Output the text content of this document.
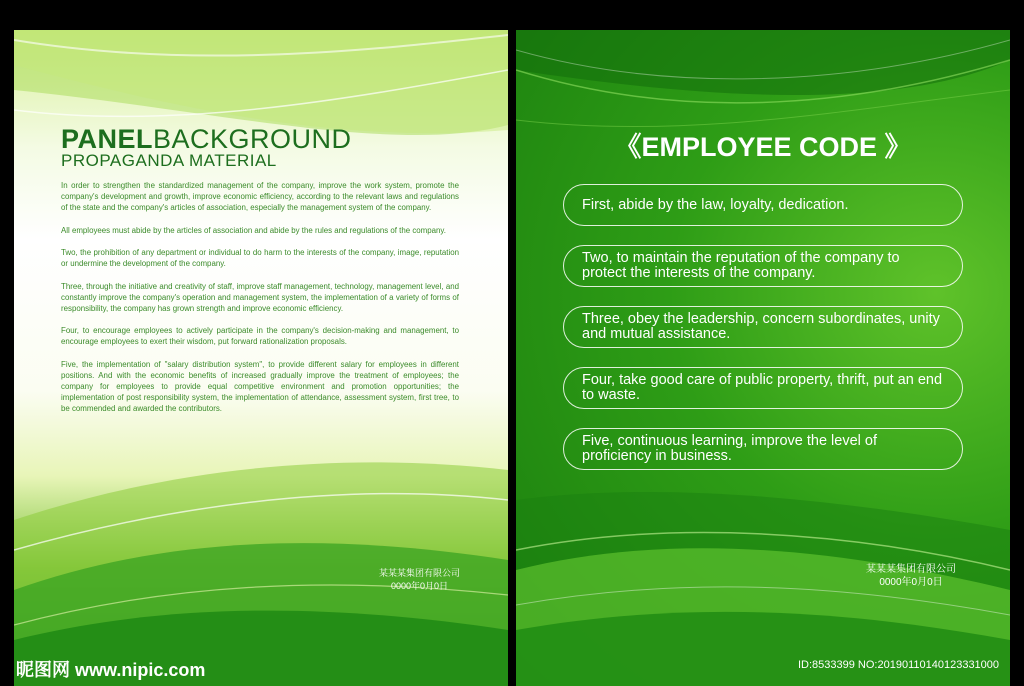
PANELBACKGROUND
PROPAGANDA MATERIAL

In order to strengthen the standardized management of the company, improve the work system, promote the company's development and growth, improve economic efficiency, according to the relevant laws and regulations of the state and the company's articles of association, especially the management system of the company.

All employees must abide by the articles of association and abide by the rules and regulations of the company.

Two, the prohibition of any department or individual to do harm to the interests of the company, image, reputation or undermine the development of the company.

Three, through the initiative and creativity of staff, improve staff management, technology, management level, and constantly improve the company's operation and management system, the implementation of a variety of forms of responsibility, the company has grown strength and improve economic efficiency.

Four, to encourage employees to actively participate in the company's decision-making and management, to encourage employees to exert their wisdom, put forward rationalization proposals.

Five, the implementation of "salary distribution system", to provide different salary for employees in different positions. And with the economic benefits of increased gradually improve the treatment of employees; the company for employees to provide equal competitive environment and promotion opportunities; the implementation of post responsibility system, the implementation of attendance, assessment system, first tree, to be commended and awarded the contributors.

某某某集团有限公司
0000年0月0日
《EMPLOYEE CODE 》
First, abide by the law, loyalty, dedication.
Two, to maintain the reputation of the company to protect the interests of the company.
Three, obey the leadership, concern subordinates, unity and mutual assistance.
Four, take good care of public property, thrift, put an end to waste.
Five, continuous learning, improve the level of proficiency in business.
某某某集团有限公司
0000年0月0日
昵图网 www.nipic.com	ID:8533399 NO:20190110140123331000
